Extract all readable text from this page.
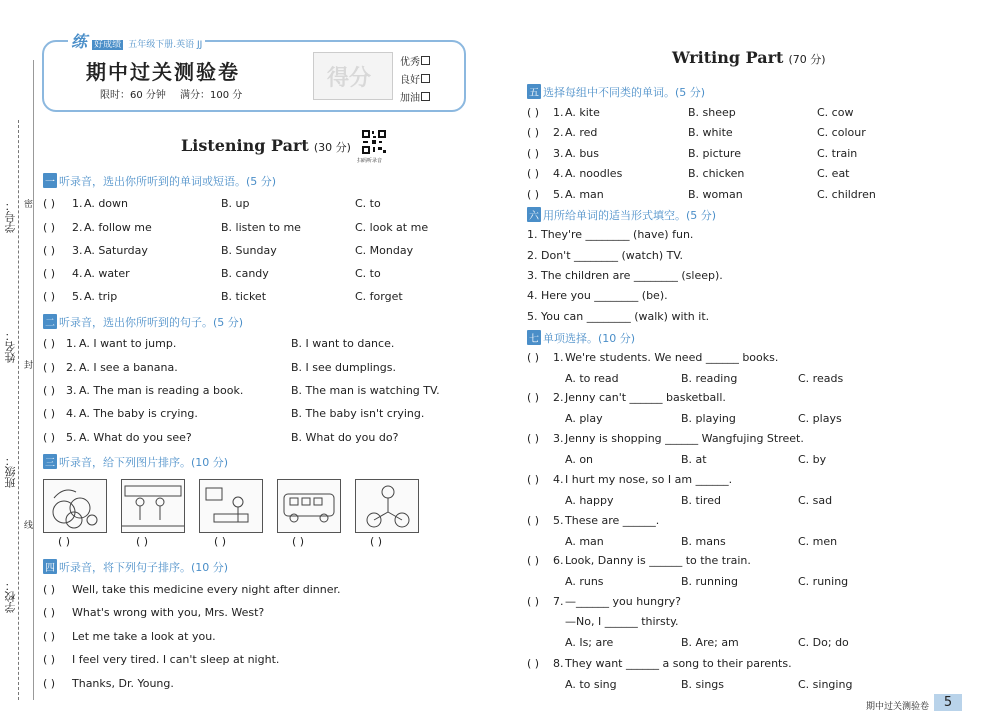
学号：
姓名：
班级：
学校：
密
封
线
练 好成绩 五年级下册.英语 JJ
期中过关测验卷
限时：60 分钟 满分：100 分
得分
优秀
良好
加油
Listening Part (30 分)
扫码听录音
一 听录音，选出你所听到的单词或短语。(5 分)
( ) 1. A. down	B. up	C. to
( ) 2. A. follow me	B. listen to me	C. look at me
( ) 3. A. Saturday	B. Sunday	C. Monday
( ) 4. A. water	B. candy	C. to
( ) 5. A. trip	B. ticket	C. forget
二 听录音，选出你所听到的句子。(5 分)
( ) 1. A. I want to jump.	B. I want to dance.
( ) 2. A. I see a banana.	B. I see dumplings.
( ) 3. A. The man is reading a book.	B. The man is watching TV.
( ) 4. A. The baby is crying.	B. The baby isn't crying.
( ) 5. A. What do you see?	B. What do you do?
三 听录音，给下列图片排序。(10 分)
( )	( )	( )	( )	( )
四 听录音，将下列句子排序。(10 分)
( ) Well, take this medicine every night after dinner.
( ) What's wrong with you, Mrs. West?
( ) Let me take a look at you.
( ) I feel very tired. I can't sleep at night.
( ) Thanks, Dr. Young.
Writing Part (70 分)
五 选择每组中不同类的单词。(5 分)
( ) 1. A. kite	B. sheep	C. cow
( ) 2. A. red	B. white	C. colour
( ) 3. A. bus	B. picture	C. train
( ) 4. A. noodles	B. chicken	C. eat
( ) 5. A. man	B. woman	C. children
六 用所给单词的适当形式填空。(5 分)
1. They're ________ (have) fun.
2. Don't ________ (watch) TV.
3. The children are ________ (sleep).
4. Here you ________ (be).
5. You can ________ (walk) with it.
七 单项选择。(10 分)
( ) 1. We're students. We need ______ books.
A. to read	B. reading	C. reads
( ) 2. Jenny can't ______ basketball.
A. play	B. playing	C. plays
( ) 3. Jenny is shopping ______ Wangfujing Street.
A. on	B. at	C. by
( ) 4. I hurt my nose, so I am ______.
A. happy	B. tired	C. sad
( ) 5. These are ______.
A. man	B. mans	C. men
( ) 6. Look, Danny is ______ to the train.
A. runs	B. running	C. runing
( ) 7. —______ you hungry?
—No, I ______ thirsty.
A. Is; are	B. Are; am	C. Do; do
( ) 8. They want ______ a song to their parents.
A. to sing	B. sings	C. singing
期中过关测验卷	5
